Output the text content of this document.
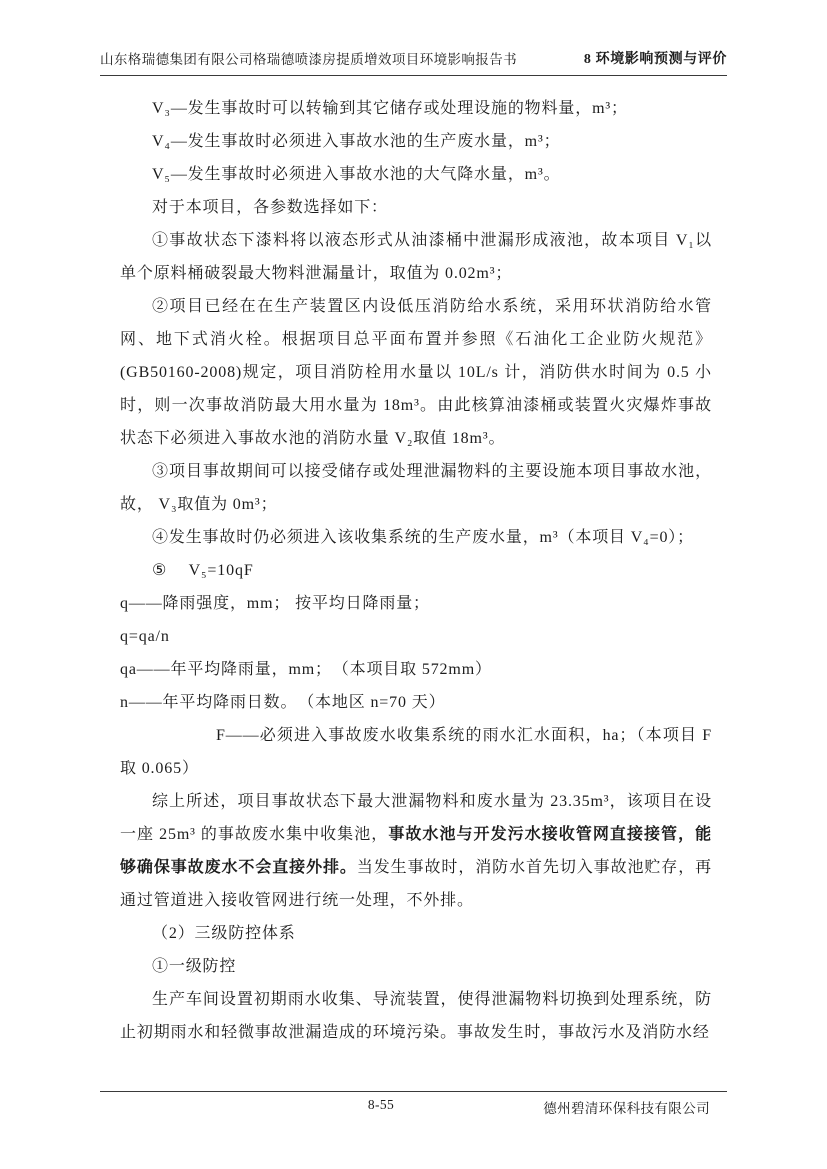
山东格瑞德集团有限公司格瑞德喷漆房提质增效项目环境影响报告书	8 环境影响预测与评价

V₃—发生事故时可以转输到其它储存或处理设施的物料量，m³；

V₄—发生事故时必须进入事故水池的生产废水量，m³；

V₅—发生事故时必须进入事故水池的大气降水量，m³。

对于本项目，各参数选择如下：

①事故状态下漆料将以液态形式从油漆桶中泄漏形成液池，故本项目 V₁以单个原料桶破裂最大物料泄漏量计，取值为 0.02m³；

②项目已经在在生产装置区内设低压消防给水系统，采用环状消防给水管网、地下式消火栓。根据项目总平面布置并参照《石油化工企业防火规范》(GB50160-2008)规定，项目消防栓用水量以 10L/s 计，消防供水时间为 0.5 小时，则一次事故消防最大用水量为 18m³。由此核算油漆桶或装置火灾爆炸事故状态下必须进入事故水池的消防水量 V₂取值 18m³。

③项目事故期间可以接受储存或处理泄漏物料的主要设施本项目事故水池，故， V₃取值为 0m³；

④发生事故时仍必须进入该收集系统的生产废水量，m³（本项目 V₄=0）；

⑤　 V₅=10qF

q——降雨强度，mm； 按平均日降雨量；

q=qa/n

qa——年平均降雨量，mm；　（本项目取 572mm）

n——年平均降雨日数。　（本地区 n=70 天）

F——必须进入事故废水收集系统的雨水汇水面积，ha；（本项目 F 取 0.065）

综上所述，项目事故状态下最大泄漏物料和废水量为 23.35m³，该项目在设一座 25m³ 的事故废水集中收集池，事故水池与开发污水接收管网直接接管，能够确保事故废水不会直接外排。当发生事故时，消防水首先切入事故池贮存，再通过管道进入接收管网进行统一处理，不外排。

（2）三级防控体系

①一级防控

生产车间设置初期雨水收集、导流装置，使得泄漏物料切换到处理系统，防止初期雨水和轻微事故泄漏造成的环境污染。事故发生时，事故污水及消防水经

8-55	德州碧清环保科技有限公司
